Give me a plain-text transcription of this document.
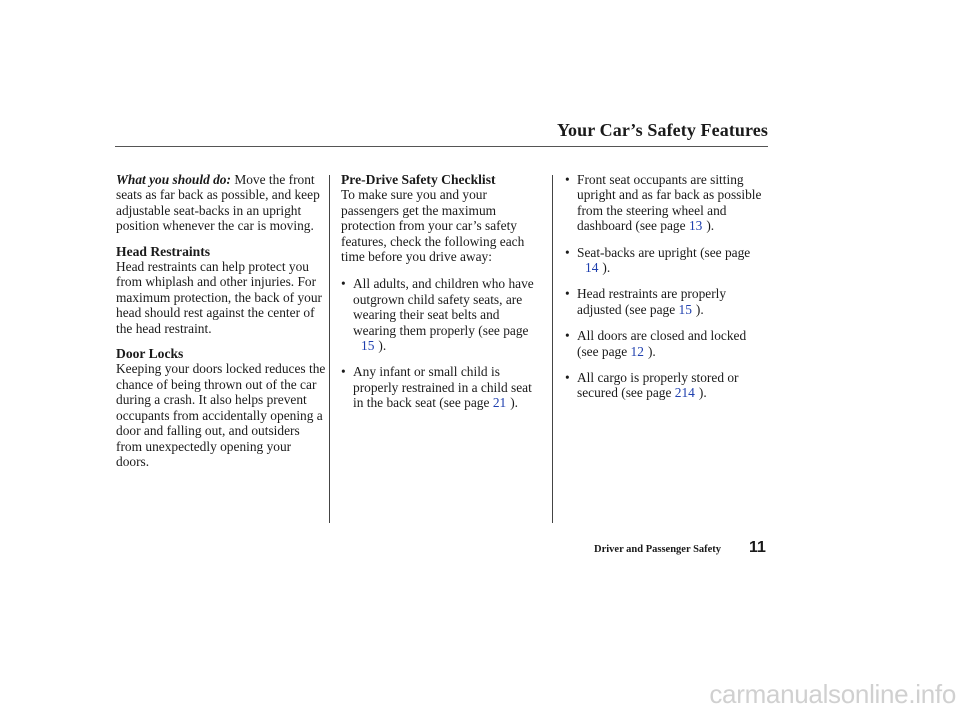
Your Car’s Safety Features
What you should do: Move the front seats as far back as possible, and keep adjustable seat-backs in an upright position whenever the car is moving.
Head Restraints
Head restraints can help protect you from whiplash and other injuries. For maximum protection, the back of your head should rest against the center of the head restraint.
Door Locks
Keeping your doors locked reduces the chance of being thrown out of the car during a crash. It also helps prevent occupants from accidentally opening a door and falling out, and outsiders from unexpectedly opening your doors.
Pre-Drive Safety Checklist
To make sure you and your passengers get the maximum protection from your car’s safety features, check the following each time before you drive away:
• All adults, and children who have outgrown child safety seats, are wearing their seat belts and wearing them properly (see page
15 ).
• Any infant or small child is properly restrained in a child seat in the back seat (see page 21 ).
• Front seat occupants are sitting upright and as far back as possible from the steering wheel and dashboard (see page 13 ).
• Seat-backs are upright (see page
14 ).
• Head restraints are properly adjusted (see page 15 ).
• All doors are closed and locked (see page 12 ).
• All cargo is properly stored or secured (see page 214 ).
Driver and Passenger Safety 11
carmanualsonline.info
